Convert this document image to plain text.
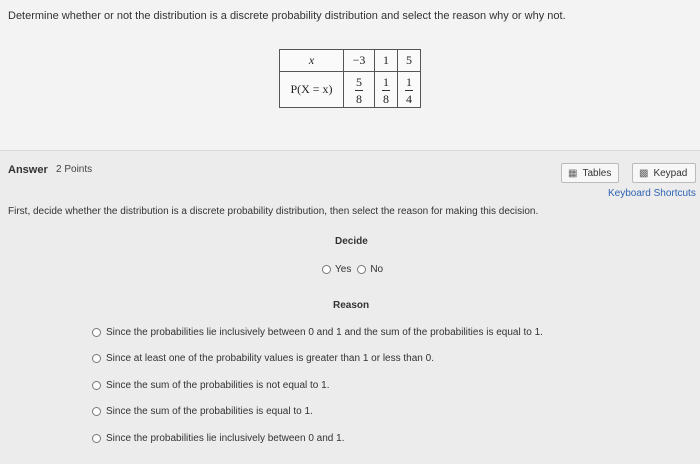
Determine whether or not the distribution is a discrete probability distribution and select the reason why or why not.
x	−3	1	5
P(X = x)	$\frac{5}{8}$	$\frac{1}{8}$	$\frac{1}{4}$
Answer 2 Points	▦ Tables	▩ Keypad
Keyboard Shortcuts
First, decide whether the distribution is a discrete probability distribution, then select the reason for making this decision.
Decide
Yes No
Reason
Since the probabilities lie inclusively between 0 and 1 and the sum of the probabilities is equal to 1.
Since at least one of the probability values is greater than 1 or less than 0.
Since the sum of the probabilities is not equal to 1.
Since the sum of the probabilities is equal to 1.
Since the probabilities lie inclusively between 0 and 1.
